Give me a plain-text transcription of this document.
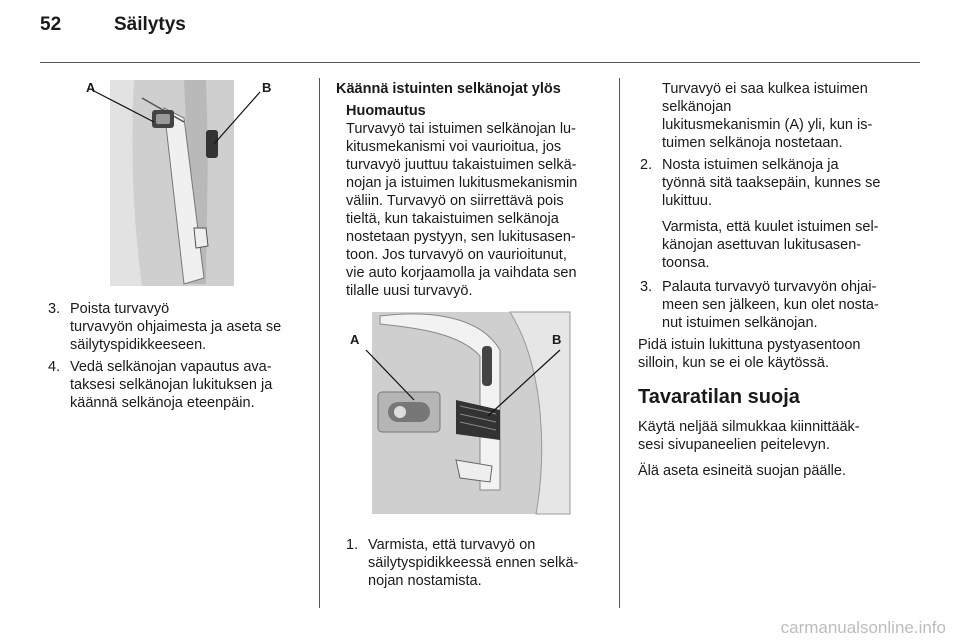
52	Säilytys
A	B
3. Poista turvavyö
turvavyön ohjaimesta ja aseta se
säilytyspidikkeeseen.
4. Vedä selkänojan vapautus ava-
taksesi selkänojan lukituksen ja
käännä selkänoja eteenpäin.
Käännä istuinten selkänojat ylös
Huomautus
Turvavyö tai istuimen selkänojan lu-
kitusmekanismi voi vaurioitua, jos
turvavyö juuttuu takaistuimen selkä-
nojan ja istuimen lukitusmekanismin
väliin. Turvavyö on siirrettävä pois
tieltä, kun takaistuimen selkänoja
nostetaan pystyyn, sen lukitusasen-
toon. Jos turvavyö on vaurioitunut,
vie auto korjaamolla ja vaihdata sen
tilalle uusi turvavyö.
A	B
1. Varmista, että turvavyö on
säilytyspidikkeessä ennen selkä-
nojan nostamista.
Turvavyö ei saa kulkea istuimen
selkänojan
lukitusmekanismin (A) yli, kun is-
tuimen selkänoja nostetaan.
2. Nosta istuimen selkänoja ja
työnnä sitä taaksepäin, kunnes se
lukittuu.
Varmista, että kuulet istuimen sel-
känojan asettuvan lukitusasen-
toonsa.
3. Palauta turvavyö turvavyön ohjai-
meen sen jälkeen, kun olet nosta-
nut istuimen selkänojan.
Pidä istuin lukittuna pystyasentoon
silloin, kun se ei ole käytössä.
Tavaratilan suoja
Käytä neljää silmukkaa kiinnittääk-
sesi sivupaneelien peitelevyn.
Älä aseta esineitä suojan päälle.
carmanualsonline.info
